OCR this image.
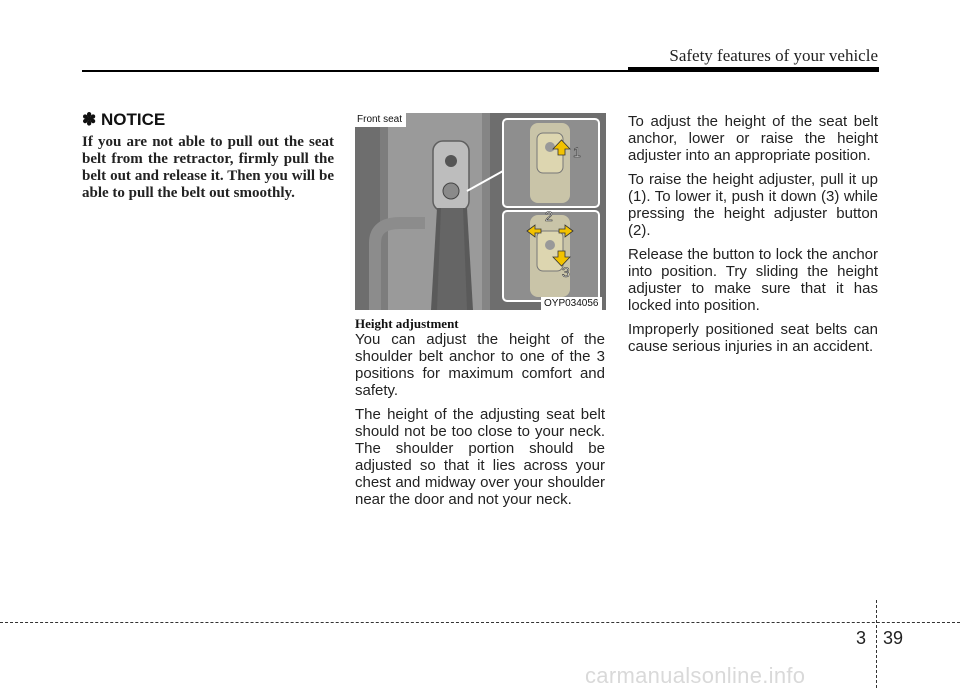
Safety features of your vehicle
✽ NOTICE
If you are not able to pull out the seat belt from the retractor, firmly pull the belt out and release it. Then you will be able to pull the belt out smoothly.
1
2
3
Front seat
OYP034056
Height adjustment

You can adjust the height of the shoulder belt anchor to one of the 3 positions for maximum comfort and safety.

The height of the adjusting seat belt should not be too close to your neck. The shoulder portion should be adjusted so that it lies across your chest and midway over your shoulder near the door and not your neck.

To adjust the height of the seat belt anchor, lower or raise the height adjuster into an appropriate position.

To raise the height adjuster, pull it up (1). To lower it, push it down (3) while pressing the height adjuster button (2).

Release the button to lock the anchor into position. Try sliding the height adjuster to make sure that it has locked into position.

Improperly positioned seat belts can cause serious injuries in an accident.

3 39
carmanualsonline.info
